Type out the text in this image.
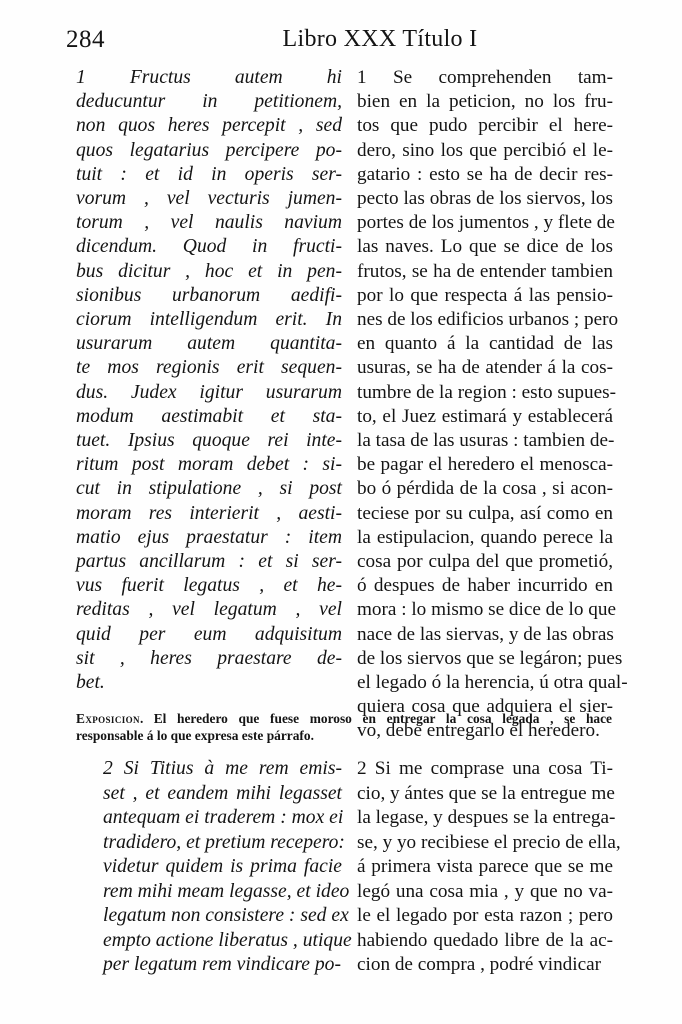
284	Libro XXX Título I
1 Fructus autem hi
deducuntur in petitionem,
non quos heres percepit , sed
quos legatarius percipere po-
tuit : et id in operis ser-
vorum , vel vecturis jumen-
torum , vel naulis navium
dicendum. Quod in fructi-
bus dicitur , hoc et in pen-
sionibus urbanorum aedifi-
ciorum intelligendum erit. In
usurarum autem quantita-
te mos regionis erit sequen-
dus. Judex igitur usurarum
modum aestimabit et sta-
tuet. Ipsius quoque rei inte-
ritum post moram debet : si-
cut in stipulatione , si post
moram res interierit , aesti-
matio ejus praestatur : item
partus ancillarum : et si ser-
vus fuerit legatus , et he-
reditas , vel legatum , vel
quid per eum adquisitum
sit , heres praestare de-
bet.
1 Se comprehenden tam-
bien en la peticion, no los fru-
tos que pudo percibir el here-
dero, sino los que percibió el le-
gatario : esto se ha de decir res-
pecto las obras de los siervos, los
portes de los jumentos , y flete de
las naves. Lo que se dice de los
frutos, se ha de entender tambien
por lo que respecta á las pensio-
nes de los edificios urbanos ; pero
en quanto á la cantidad de las
usuras, se ha de atender á la cos-
tumbre de la region : esto supues-
to, el Juez estimará y establecerá
la tasa de las usuras : tambien de-
be pagar el heredero el menosca-
bo ó pérdida de la cosa , si acon-
teciese por su culpa, así como en
la estipulacion, quando perece la
cosa por culpa del que prometió,
ó despues de haber incurrido en
mora : lo mismo se dice de lo que
nace de las siervas, y de las obras
de los siervos que se legáron; pues
el legado ó la herencia, ú otra qual-
quiera cosa que adquiera el sier-
vo, debe entregarlo el heredero.
Exposicion. El heredero que fuese moroso en entregar la cosa legada , se hace
responsable á lo que expresa este párrafo.
2 Si Titius à me rem emis-
set , et eandem mihi legasset
antequam ei traderem : mox ei
tradidero, et pretium recepero:
videtur quidem is prima facie
rem mihi meam legasse, et ideo
legatum non consistere : sed ex
empto actione liberatus , utique
per legatum rem vindicare po-
2 Si me comprase una cosa Ti-
cio, y ántes que se la entregue me
la legase, y despues se la entrega-
se, y yo recibiese el precio de ella,
á primera vista parece que se me
legó una cosa mia , y que no va-
le el legado por esta razon ; pero
habiendo quedado libre de la ac-
cion de compra , podré vindicar
